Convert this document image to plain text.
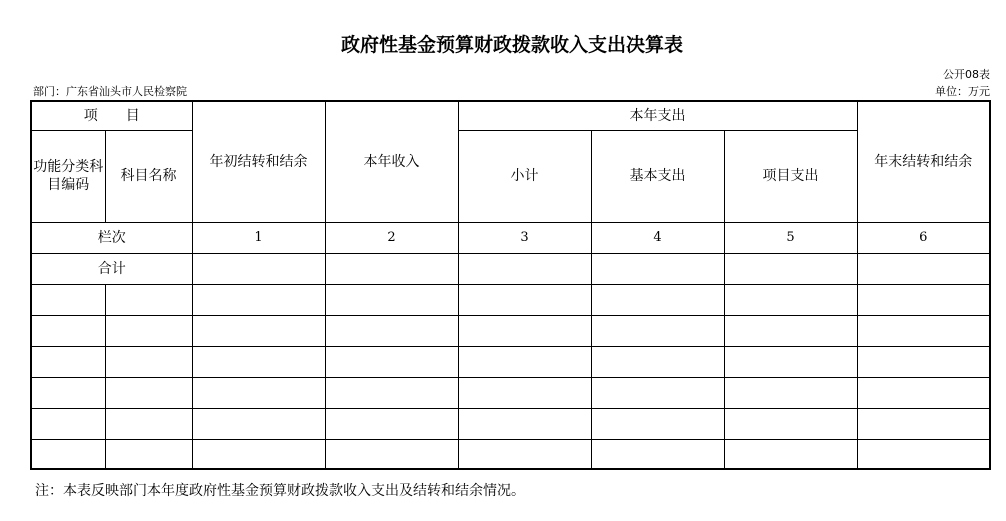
政府性基金预算财政拨款收入支出决算表
公开08表
部门：广东省汕头市人民检察院	单位：万元
项　　目		年初结转和结余	本年收入	本年支出			年末结转和结余
功能分类科目编码	科目名称			小计	基本支出	项目支出	
栏次		1	2	3	4	5	6
合计							

注：本表反映部门本年度政府性基金预算财政拨款收入支出及结转和结余情况。
